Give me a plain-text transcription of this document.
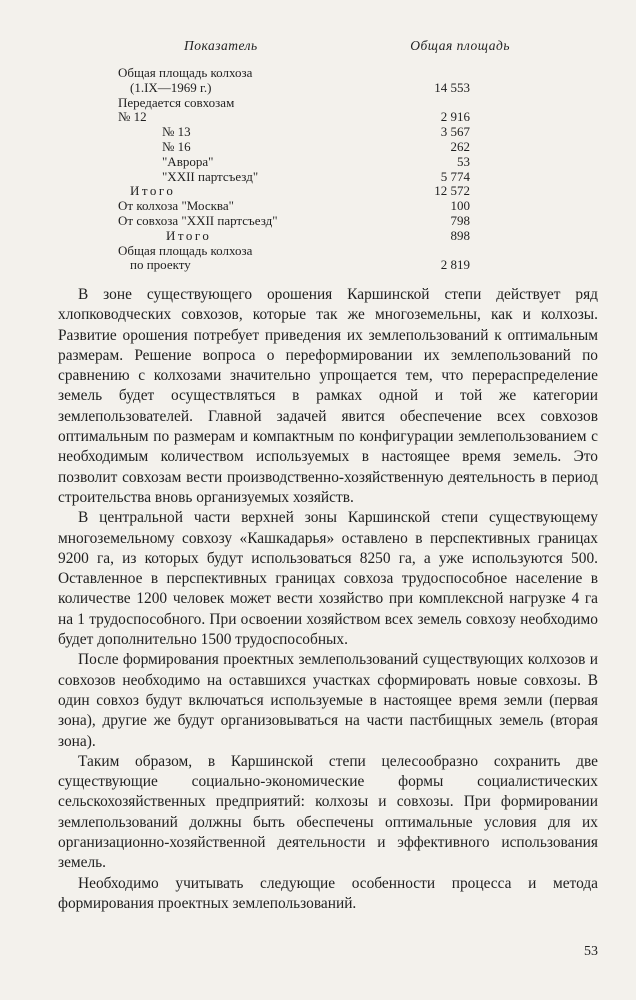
Показатель	Общая площадь
Общая площадь колхоза
(1.IX—1969 г.)	14 553
Передается совхозам
№ 12	2 916
№ 13	3 567
№ 16	262
"Аврора"	53
"XXII партсъезд"	5 774
Итого	12 572
От колхоза "Москва"	100
От совхоза "XXII партсъезд"	798
Итого	898
Общая площадь колхоза
по проекту	2 819

В зоне существующего орошения Каршинской степи действует ряд хлопководческих совхозов, которые так же многоземельны, как и колхозы. Развитие орошения потребует приведения их землепользований к оптимальным размерам. Решение вопроса о переформировании их землепользований по сравнению с колхозами значительно упрощается тем, что перераспределение земель будет осуществляться в рамках одной и той же категории землепользователей. Главной задачей явится обеспечение всех совхозов оптимальным по размерам и компактным по конфигурации землепользованием с необходимым количеством используемых в настоящее время земель. Это позволит совхозам вести производственно-хозяйственную деятельность в период строительства вновь организуемых хозяйств.

В центральной части верхней зоны Каршинской степи существующему многоземельному совхозу «Кашкадарья» оставлено в перспективных границах 9200 га, из которых будут использоваться 8250 га, а уже используются 500. Оставленное в перспективных границах совхоза трудоспособное население в количестве 1200 человек может вести хозяйство при комплексной нагрузке 4 га на 1 трудоспособного. При освоении хозяйством всех земель совхозу необходимо будет дополнительно 1500 трудоспособных.

После формирования проектных землепользований существующих колхозов и совхозов необходимо на оставшихся участках сформировать новые совхозы. В один совхоз будут включаться используемые в настоящее время земли (первая зона), другие же будут организовываться на части пастбищных земель (вторая зона).

Таким образом, в Каршинской степи целесообразно сохранить две существующие социально-экономические формы социалистических сельскохозяйственных предприятий: колхозы и совхозы. При формировании землепользований должны быть обеспечены оптимальные условия для их организационно-хозяйственной деятельности и эффективного использования земель.

Необходимо учитывать следующие особенности процесса и метода формирования проектных землепользований.

53
